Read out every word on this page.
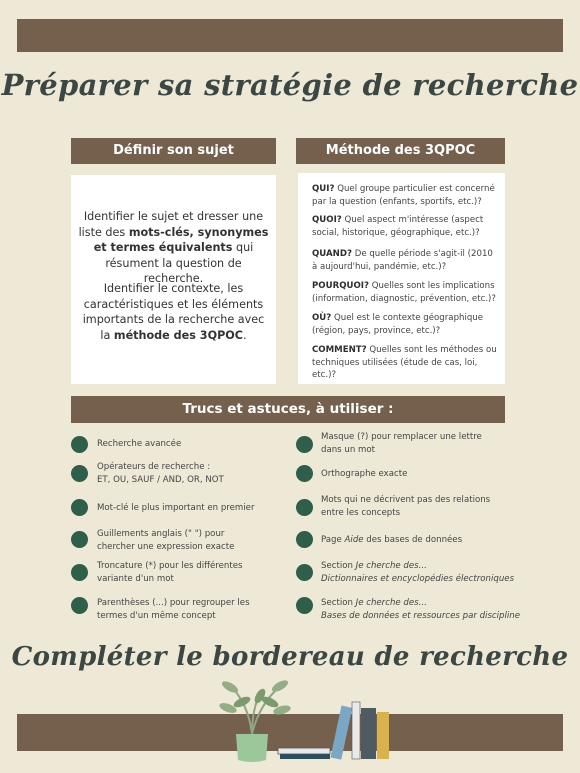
Préparer sa stratégie de recherche
Définir son sujet
Identifier le sujet et dresser une liste des mots-clés, synonymes et termes équivalents qui résument la question de recherche.
Identifier le contexte, les caractéristiques et les éléments importants de la recherche avec la méthode des 3QPOC.
Méthode des 3QPOC
QUI? Quel groupe particulier est concerné par la question (enfants, sportifs, etc.)?
QUOI? Quel aspect m'intéresse (aspect social, historique, géographique, etc.)?
QUAND? De quelle période s'agit-il (2010 à aujourd'hui, pandémie, etc.)?
POURQUOI? Quelles sont les implications (information, diagnostic, prévention, etc.)?
OÙ? Quel est le contexte géographique (région, pays, province, etc.)?
COMMENT? Quelles sont les méthodes ou techniques utilisées (étude de cas, loi, etc.)?
Trucs et astuces, à utiliser :
Recherche avancée
Opérateurs de recherche :
ET, OU, SAUF / AND, OR, NOT
Mot-clé le plus important en premier
Guillements anglais (" ") pour
chercher une expression exacte
Troncature (*) pour les différentes
variante d'un mot
Parenthèses (...) pour regrouper les
termes d'un même concept
Masque (?) pour remplacer une lettre
dans un mot
Orthographe exacte
Mots qui ne décrivent pas des relations
entre les concepts
Page Aide des bases de données
Section Je cherche des...
Dictionnaires et encyclopédies électroniques
Section Je cherche des...
Bases de données et ressources par discipline
Compléter le bordereau de recherche
